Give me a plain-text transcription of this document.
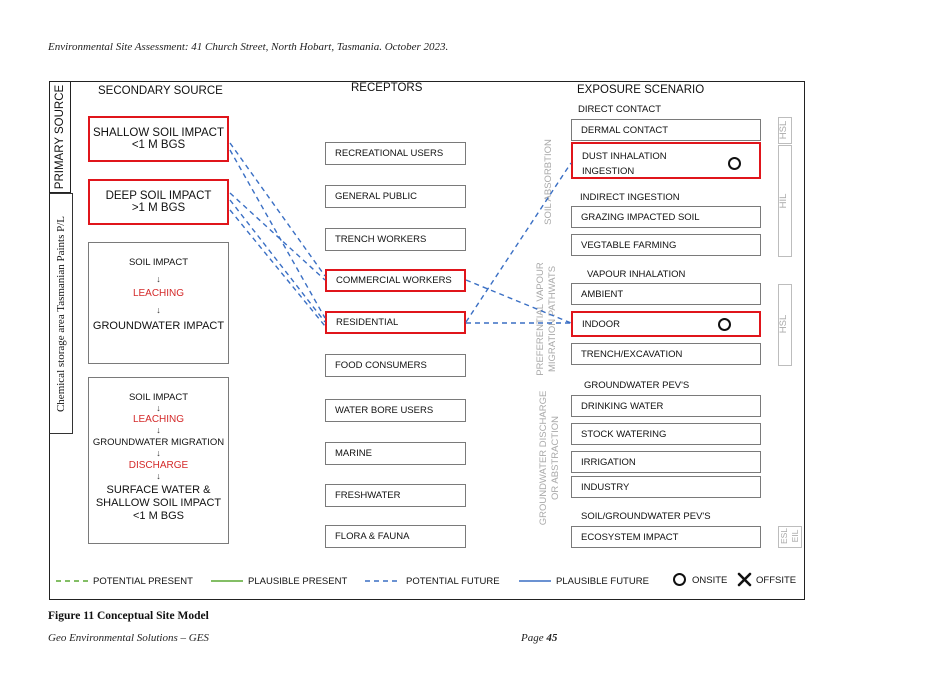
Environmental Site Assessment: 41 Church Street, North Hobart, Tasmania. October 2023.
PRIMARY SOURCE
Chemical storage area Tasmanian Paints P/L
SECONDARY SOURCE
SHALLOW SOIL IMPACT
<1 M BGS
DEEP SOIL IMPACT
>1 M BGS
SOIL IMPACT
↓
LEACHING
↓
GROUNDWATER IMPACT
SOIL IMPACT
↓
LEACHING
↓
GROUNDWATER MIGRATION
↓
DISCHARGE
↓
SURFACE WATER &
SHALLOW SOIL IMPACT
<1 M BGS
RECEPTORS
RECREATIONAL USERS
GENERAL PUBLIC
TRENCH WORKERS
COMMERCIAL WORKERS
RESIDENTIAL
FOOD CONSUMERS
WATER BORE USERS
MARINE
FRESHWATER
FLORA & FAUNA
SOIL ABSORBTION
PREFERENTIAL VAPOUR MIGRATION PATHWATS
GROUNDWATER DISCHARGE OR ABSTRACTION
EXPOSURE SCENARIO
DIRECT CONTACT
DERMAL CONTACT
DUST INHALATION
INGESTION
INDIRECT INGESTION
GRAZING IMPACTED SOIL
VEGTABLE FARMING
VAPOUR INHALATION
AMBIENT
INDOOR
TRENCH/EXCAVATION
GROUNDWATER PEV'S
DRINKING WATER
STOCK WATERING
IRRIGATION
INDUSTRY
SOIL/GROUNDWATER PEV'S
ECOSYSTEM IMPACT
HSL
HIL
HSL
ESL EIL
POTENTIAL PRESENT	PLAUSIBLE PRESENT	POTENTIAL FUTURE	PLAUSIBLE FUTURE	ONSITE	OFFSITE
Figure 11 Conceptual Site Model
Geo Environmental Solutions – GES	Page 45
